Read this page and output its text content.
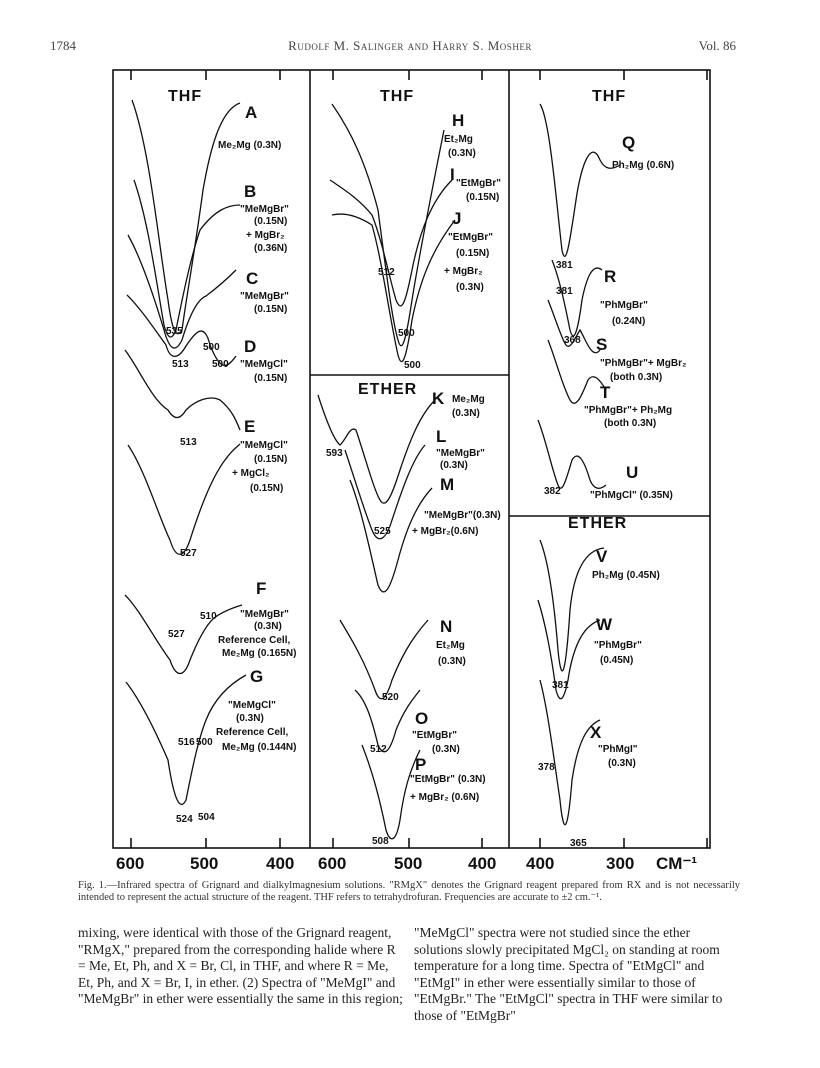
1784	Rudolf M. Salinger and Harry S. Mosher	Vol. 86
THF	THF
ETHER
THF
ETHER
A
Me₂Mg (0.3N)
B
"MeMgBr"
(0.15N)
+ MgBr₂
(0.36N)
C
"MeMgBr"
(0.15N)
D
"MeMgCl"
(0.15N)
E
"MeMgCl"
(0.15N)
+ MgCl₂
(0.15N)
F
"MeMgBr"
(0.3N)
Reference Cell,
Me₂Mg (0.165N)
G
"MeMgCl"
(0.3N)
Reference Cell,
Me₂Mg (0.144N)
535
500
513 500
513
527
510
527
516 500
524 504
H
Et₂Mg
(0.3N)
I "EtMgBr"
(0.15N)
J
"EtMgBr"
(0.15N)
+ MgBr₂
(0.3N)
512
500
500
K Me₂Mg
(0.3N)
L
"MeMgBr"
(0.3N)
M
"MeMgBr"(0.3N)
+ MgBr₂(0.6N)
N
Et₂Mg
(0.3N)
O
"EtMgBr"
(0.3N)
P
"EtMgBr" (0.3N)
+ MgBr₂ (0.6N)
593
525
520
512
508
Q
Ph₂Mg (0.6N)
R
"PhMgBr"
(0.24N)
S
"PhMgBr"+ MgBr₂
(both 0.3N)
T
"PhMgBr"+ Ph₂Mg
(both 0.3N)
U
"PhMgCl" (0.35N)
381
381
368
382
V
Ph₂Mg (0.45N)
W
"PhMgBr"
(0.45N)
X
"PhMgI"
(0.3N)
381
378
365
600	500	400 600	500	400 400	300 CM⁻¹
Fig. 1.—Infrared spectra of Grignard and dialkylmagnesium solutions. "RMgX" denotes the Grignard reagent prepared from RX and is not necessarily intended to represent the actual structure of the reagent. THF refers to tetrahydrofuran. Frequencies are accurate to ±2 cm.⁻¹.

mixing, were identical with those of the Grignard reagent, "RMgX," prepared from the corresponding halide where R = Me, Et, Ph, and X = Br, Cl, in THF, and where R = Me, Et, Ph, and X = Br, I, in ether. (2) Spectra of "MeMgI" and "MeMgBr" in ether were essentially the same in this region;

"MeMgCl" spectra were not studied since the ether solutions slowly precipitated MgCl₂ on standing at room temperature for a long time. Spectra of "EtMgCl" and "EtMgI" in ether were essentially similar to those of "EtMgBr." The "EtMgCl" spectra in THF were similar to those of "EtMgBr"
